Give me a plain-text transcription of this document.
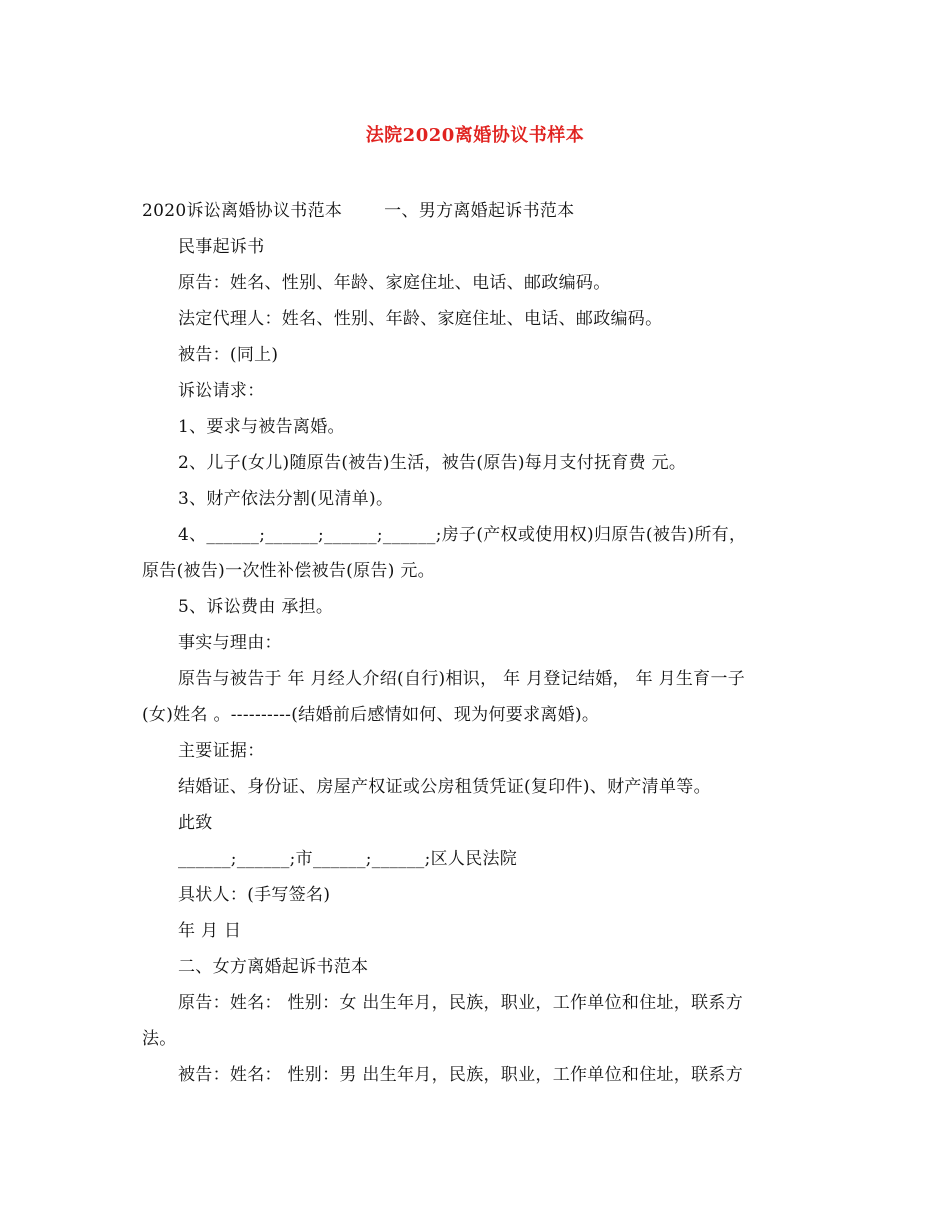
法院2020离婚协议书样本

2020诉讼离婚协议书范本 一、男方离婚起诉书范本

民事起诉书

原告：姓名、性别、年龄、家庭住址、电话、邮政编码。

法定代理人：姓名、性别、年龄、家庭住址、电话、邮政编码。

被告：(同上)

诉讼请求：

1、要求与被告离婚。

2、儿子(女儿)随原告(被告)生活，被告(原告)每月支付抚育费 元。

3、财产依法分割(见清单)。

4、______;______;______;______;房子(产权或使用权)归原告(被告)所有，

原告(被告)一次性补偿被告(原告) 元。

5、诉讼费由 承担。

事实与理由：

原告与被告于 年 月经人介绍(自行)相识， 年 月登记结婚， 年 月生育一子

(女)姓名 。----------(结婚前后感情如何、现为何要求离婚)。

主要证据：

结婚证、身份证、房屋产权证或公房租赁凭证(复印件)、财产清单等。

此致

______;______;市______;______;区人民法院

具状人：(手写签名)

年 月 日

二、女方离婚起诉书范本

原告：姓名： 性别：女 出生年月，民族，职业，工作单位和住址，联系方

法。

被告：姓名： 性别：男 出生年月，民族，职业，工作单位和住址，联系方
